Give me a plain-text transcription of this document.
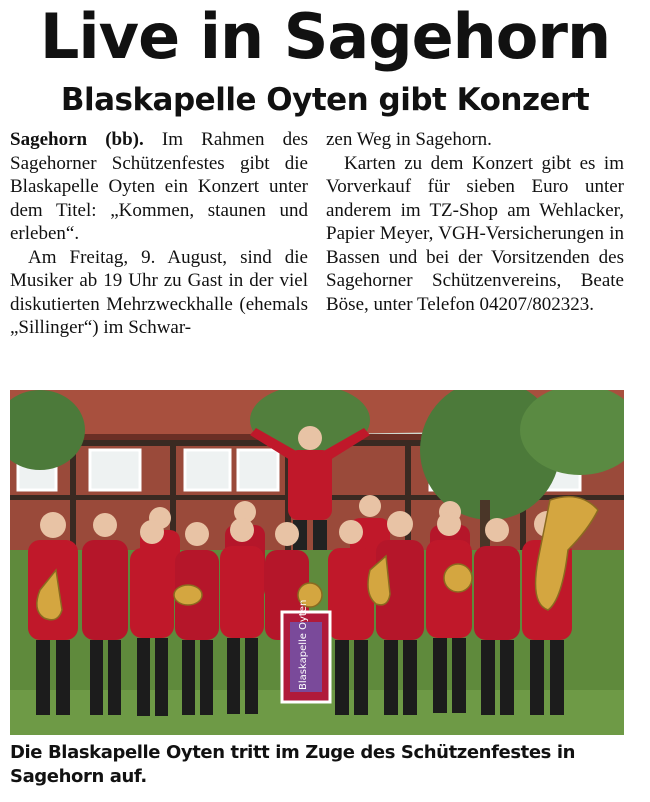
Live in Sagehorn
Blaskapelle Oyten gibt Konzert

Sagehorn (bb). Im Rahmen des Sagehorner Schützenfestes gibt die Blaskapelle Oyten ein Konzert unter dem Titel: „Kommen, staunen und erleben“.

Am Freitag, 9. August, sind die Musiker ab 19 Uhr zu Gast in der viel diskutierten Mehrzweckhalle (ehemals „Sillinger“) im Schwar-

zen Weg in Sagehorn.

Karten zu dem Konzert gibt es im Vorverkauf für sieben Euro unter anderem im TZ-Shop am Wehlacker, Papier Meyer, VGH-Versicherungen in Bassen und bei der Vorsitzenden des Sagehorner Schützenvereins, Beate Böse, unter Telefon 04207/802323.

Blaskapelle Oyten

Die Blaskapelle Oyten tritt im Zuge des Schützenfestes in Sagehorn auf.
